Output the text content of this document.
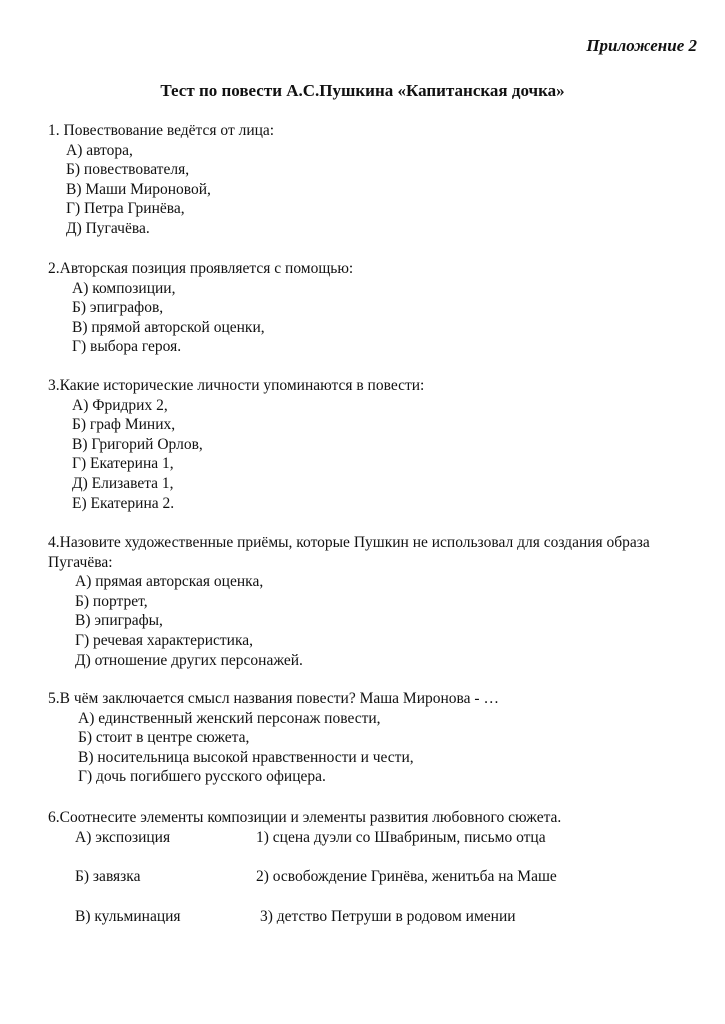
Приложение 2
Тест по повести А.С.Пушкина «Капитанская дочка»

1. Повествование ведётся от лица:

А) автора,
Б) повествователя,
В) Маши Мироновой,
Г) Петра Гринёва,
Д) Пугачёва.

2.Авторская позиция проявляется с помощью:

А) композиции,
Б) эпиграфов,
В) прямой авторской оценки,
Г) выбора героя.

3.Какие исторические личности упоминаются в повести:

А) Фридрих 2,
Б) граф Миних,
В) Григорий Орлов,
Г) Екатерина 1,
Д) Елизавета 1,
Е) Екатерина 2.

4.Назовите художественные приёмы, которые Пушкин не использовал для создания образа Пугачёва:

А) прямая авторская оценка,
Б) портрет,
В) эпиграфы,
Г) речевая характеристика,
Д) отношение других персонажей.

5.В чём заключается смысл названия повести? Маша Миронова - …

А) единственный женский персонаж повести,
Б) стоит в центре сюжета,
В) носительница высокой нравственности и чести,
Г) дочь погибшего русского офицера.

6.Соотнесите элементы композиции и элементы развития любовного сюжета.

А) экспозиция	1) сцена дуэли со Швабриным, письмо отца
Б) завязка	2) освобождение Гринёва, женитьба на Маше
В) кульминация	3) детство Петруши в родовом имении
